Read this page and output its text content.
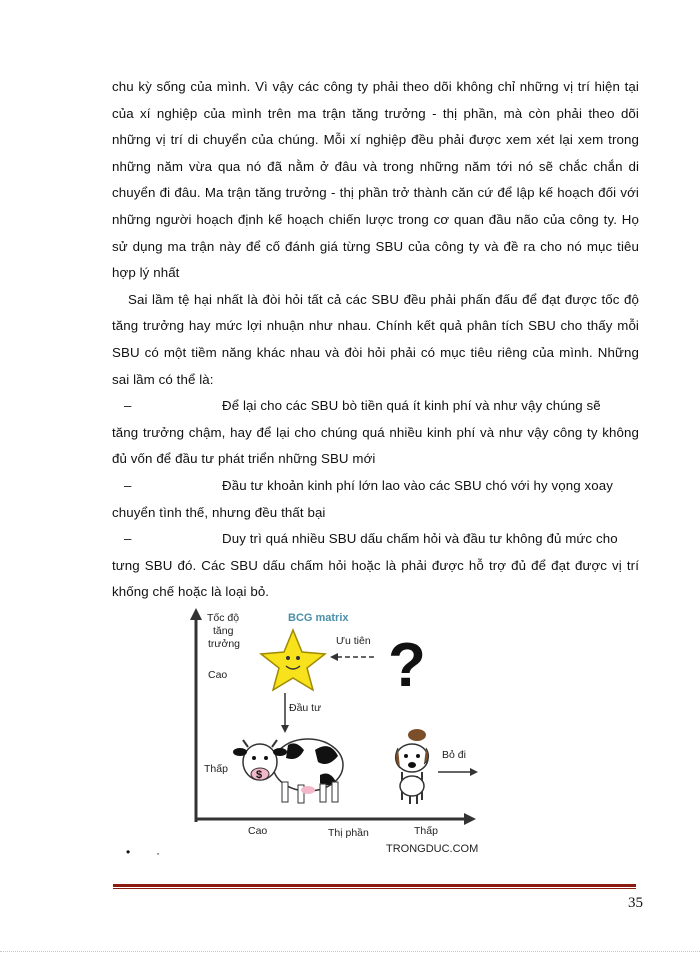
chu kỳ sống của mình. Vì vậy các công ty phải theo dõi không chỉ những vị trí hiện tại của xí nghiệp của mình trên ma trận tăng trưởng - thị phần, mà còn phải theo dõi những vị trí di chuyển của chúng. Mỗi xí nghiệp đều phải được xem xét lại xem trong những năm vừa qua nó đã nằm ở đâu và trong những năm tới nó sẽ chắc chắn di chuyển đi đâu. Ma trận tăng trưởng - thị phần trở thành căn cứ để lập kế hoạch đối với những người hoạch định kế hoạch chiến lược trong cơ quan đầu não của công ty. Họ sử dụng ma trận này để cố đánh giá từng SBU của công ty và đề ra cho nó mục tiêu hợp lý nhất

Sai lầm tệ hại nhất là đòi hỏi tất cả các SBU đều phải phấn đấu để đạt được tốc độ tăng trưởng hay mức lợi nhuận như nhau. Chính kết quả phân tích SBU cho thấy mỗi SBU có một tiềm năng khác nhau và đòi hỏi phải có mục tiêu riêng của mình. Những sai lầm có thể là:

–	Để lại cho các SBU bò tiền quá ít kinh phí và như vậy chúng sẽ

tăng trưởng chậm, hay để lại cho chúng quá nhiều kinh phí và như vậy công ty không đủ vốn để đầu tư phát triển những SBU mới

–	Đầu tư khoản kinh phí lớn lao vào các SBU chó với hy vọng xoay

chuyển tình thế, nhưng đều thất bại

–	Duy trì quá nhiều SBU dấu chấm hỏi và đầu tư không đủ mức cho

tưng SBU đó. Các SBU dấu chấm hỏi hoặc là phải được hỗ trợ đủ để đạt được vị trí khống chế hoặc là loại bỏ.

Tốc độ
tăng
trưởng
Cao
Thấp
BCG matrix
Ưu tiên ?
Đầu tư
$
Bỏ đi
Cao	Thị phần	Thấp
TRONGDUC.COM
• ·
35
